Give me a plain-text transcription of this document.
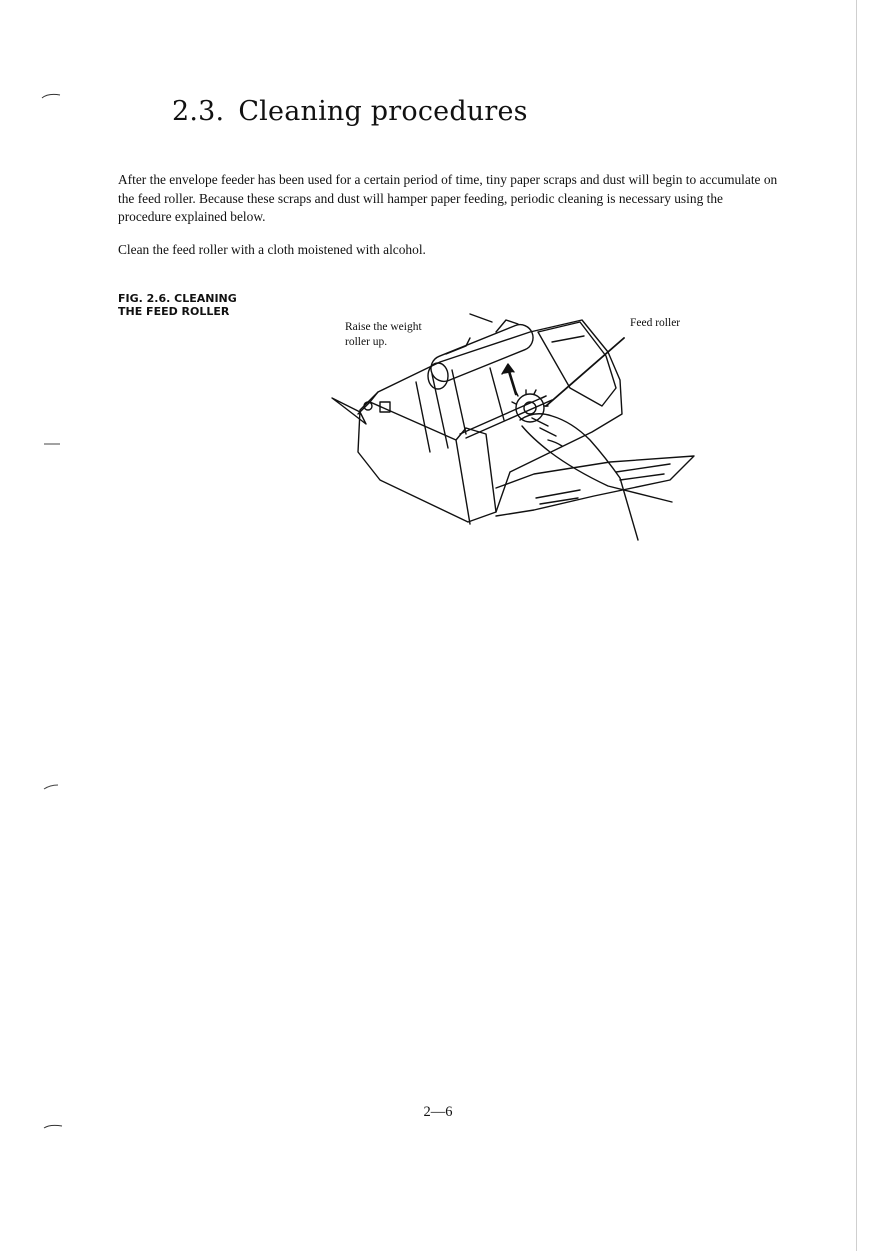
2.3. Cleaning procedures

After the envelope feeder has been used for a certain period of time, tiny paper scraps and dust will begin to accumulate on the feed roller. Because these scraps and dust will hamper paper feeding, periodic cleaning is necessary using the procedure explained below.

Clean the feed roller with a cloth moistened with alcohol.

FIG. 2.6. CLEANING
THE FEED ROLLER

Raise the weight
roller up.
Feed roller
2—6
